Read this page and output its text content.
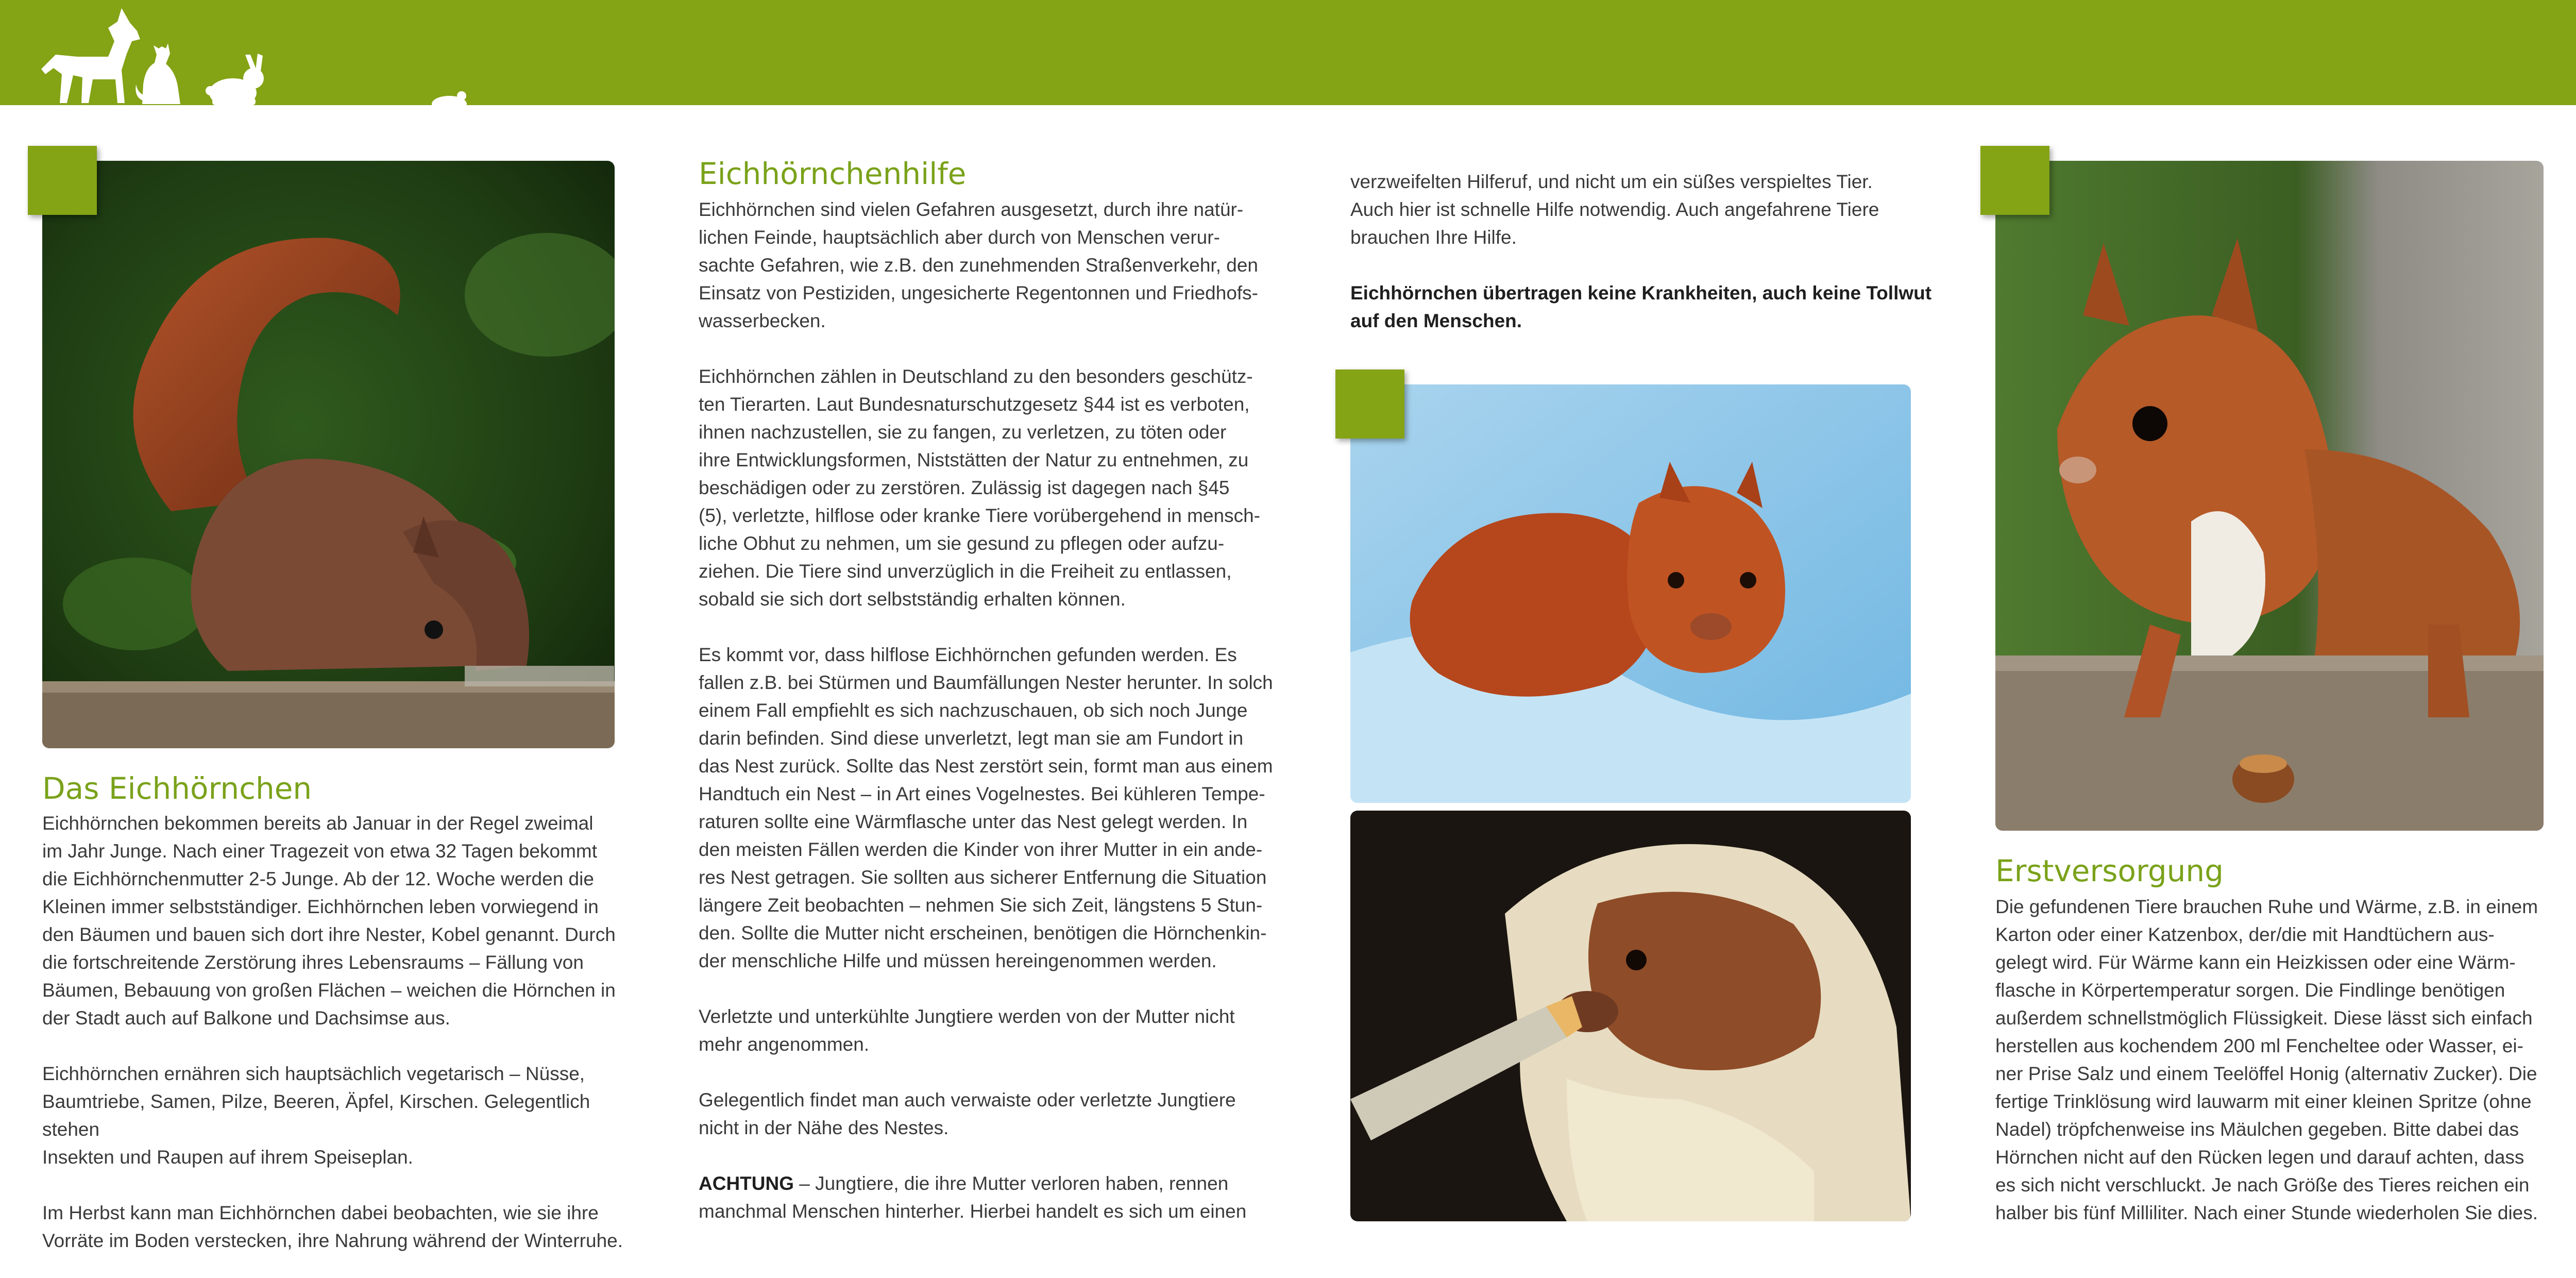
Das Eichhörnchen

Eichhörnchen bekommen bereits ab Januar in der Regel zweimal
im Jahr Junge. Nach einer Tragezeit von etwa 32 Tagen bekommt
die Eichhörnchenmutter 2-5 Junge. Ab der 12. Woche werden die
Kleinen immer selbstständiger. Eichhörnchen leben vorwiegend in
den Bäumen und bauen sich dort ihre Nester, Kobel genannt. Durch
die fortschreitende Zerstörung ihres Lebensraums – Fällung von
Bäumen, Bebauung von großen Flächen – weichen die Hörnchen in
der Stadt auch auf Balkone und Dachsimse aus.

Eichhörnchen ernähren sich hauptsächlich vegetarisch – Nüsse,
Baumtriebe, Samen, Pilze, Beeren, Äpfel, Kirschen. Gelegentlich stehen
Insekten und Raupen auf ihrem Speiseplan.

Im Herbst kann man Eichhörnchen dabei beobachten, wie sie ihre
Vorräte im Boden verstecken, ihre Nahrung während der Winterruhe.

Eichhörnchenhilfe

Eichhörnchen sind vielen Gefahren ausgesetzt, durch ihre natür-
lichen Feinde, hauptsächlich aber durch von Menschen verur-
sachte Gefahren, wie z.B. den zunehmenden Straßenverkehr, den
Einsatz von Pestiziden, ungesicherte Regentonnen und Friedhofs-
wasserbecken.

Eichhörnchen zählen in Deutschland zu den besonders geschütz-
ten Tierarten. Laut Bundesnaturschutzgesetz §44 ist es verboten,
ihnen nachzustellen, sie zu fangen, zu verletzen, zu töten oder
ihre Entwicklungsformen, Niststätten der Natur zu entnehmen, zu
beschädigen oder zu zerstören. Zulässig ist dagegen nach §45
(5), verletzte, hilflose oder kranke Tiere vorübergehend in mensch-
liche Obhut zu nehmen, um sie gesund zu pflegen oder aufzu-
ziehen. Die Tiere sind unverzüglich in die Freiheit zu entlassen,
sobald sie sich dort selbstständig erhalten können.

Es kommt vor, dass hilflose Eichhörnchen gefunden werden. Es
fallen z.B. bei Stürmen und Baumfällungen Nester herunter. In solch
einem Fall empfiehlt es sich nachzuschauen, ob sich noch Junge
darin befinden. Sind diese unverletzt, legt man sie am Fundort in
das Nest zurück. Sollte das Nest zerstört sein, formt man aus einem
Handtuch ein Nest – in Art eines Vogelnestes. Bei kühleren Tempe-
raturen sollte eine Wärmflasche unter das Nest gelegt werden. In
den meisten Fällen werden die Kinder von ihrer Mutter in ein ande-
res Nest getragen. Sie sollten aus sicherer Entfernung die Situation
längere Zeit beobachten – nehmen Sie sich Zeit, längstens 5 Stun-
den. Sollte die Mutter nicht erscheinen, benötigen die Hörnchenkin-
der menschliche Hilfe und müssen hereingenommen werden.

Verletzte und unterkühlte Jungtiere werden von der Mutter nicht
mehr angenommen.

Gelegentlich findet man auch verwaiste oder verletzte Jungtiere
nicht in der Nähe des Nestes.

ACHTUNG – Jungtiere, die ihre Mutter verloren haben, rennen
manchmal Menschen hinterher. Hierbei handelt es sich um einen

verzweifelten Hilferuf, und nicht um ein süßes verspieltes Tier.
Auch hier ist schnelle Hilfe notwendig. Auch angefahrene Tiere
brauchen Ihre Hilfe.

Eichhörnchen übertragen keine Krankheiten, auch keine Tollwut
auf den Menschen.

Erstversorgung

Die gefundenen Tiere brauchen Ruhe und Wärme, z.B. in einem
Karton oder einer Katzenbox, der/die mit Handtüchern aus-
gelegt wird. Für Wärme kann ein Heizkissen oder eine Wärm-
flasche in Körpertemperatur sorgen. Die Findlinge benötigen
außerdem schnellstmöglich Flüssigkeit. Diese lässt sich einfach
herstellen aus kochendem 200 ml Fencheltee oder Wasser, ei-
ner Prise Salz und einem Teelöffel Honig (alternativ Zucker). Die
fertige Trinklösung wird lauwarm mit einer kleinen Spritze (ohne
Nadel) tröpfchenweise ins Mäulchen gegeben. Bitte dabei das
Hörnchen nicht auf den Rücken legen und darauf achten, dass
es sich nicht verschluckt. Je nach Größe des Tieres reichen ein
halber bis fünf Milliliter. Nach einer Stunde wiederholen Sie dies.
